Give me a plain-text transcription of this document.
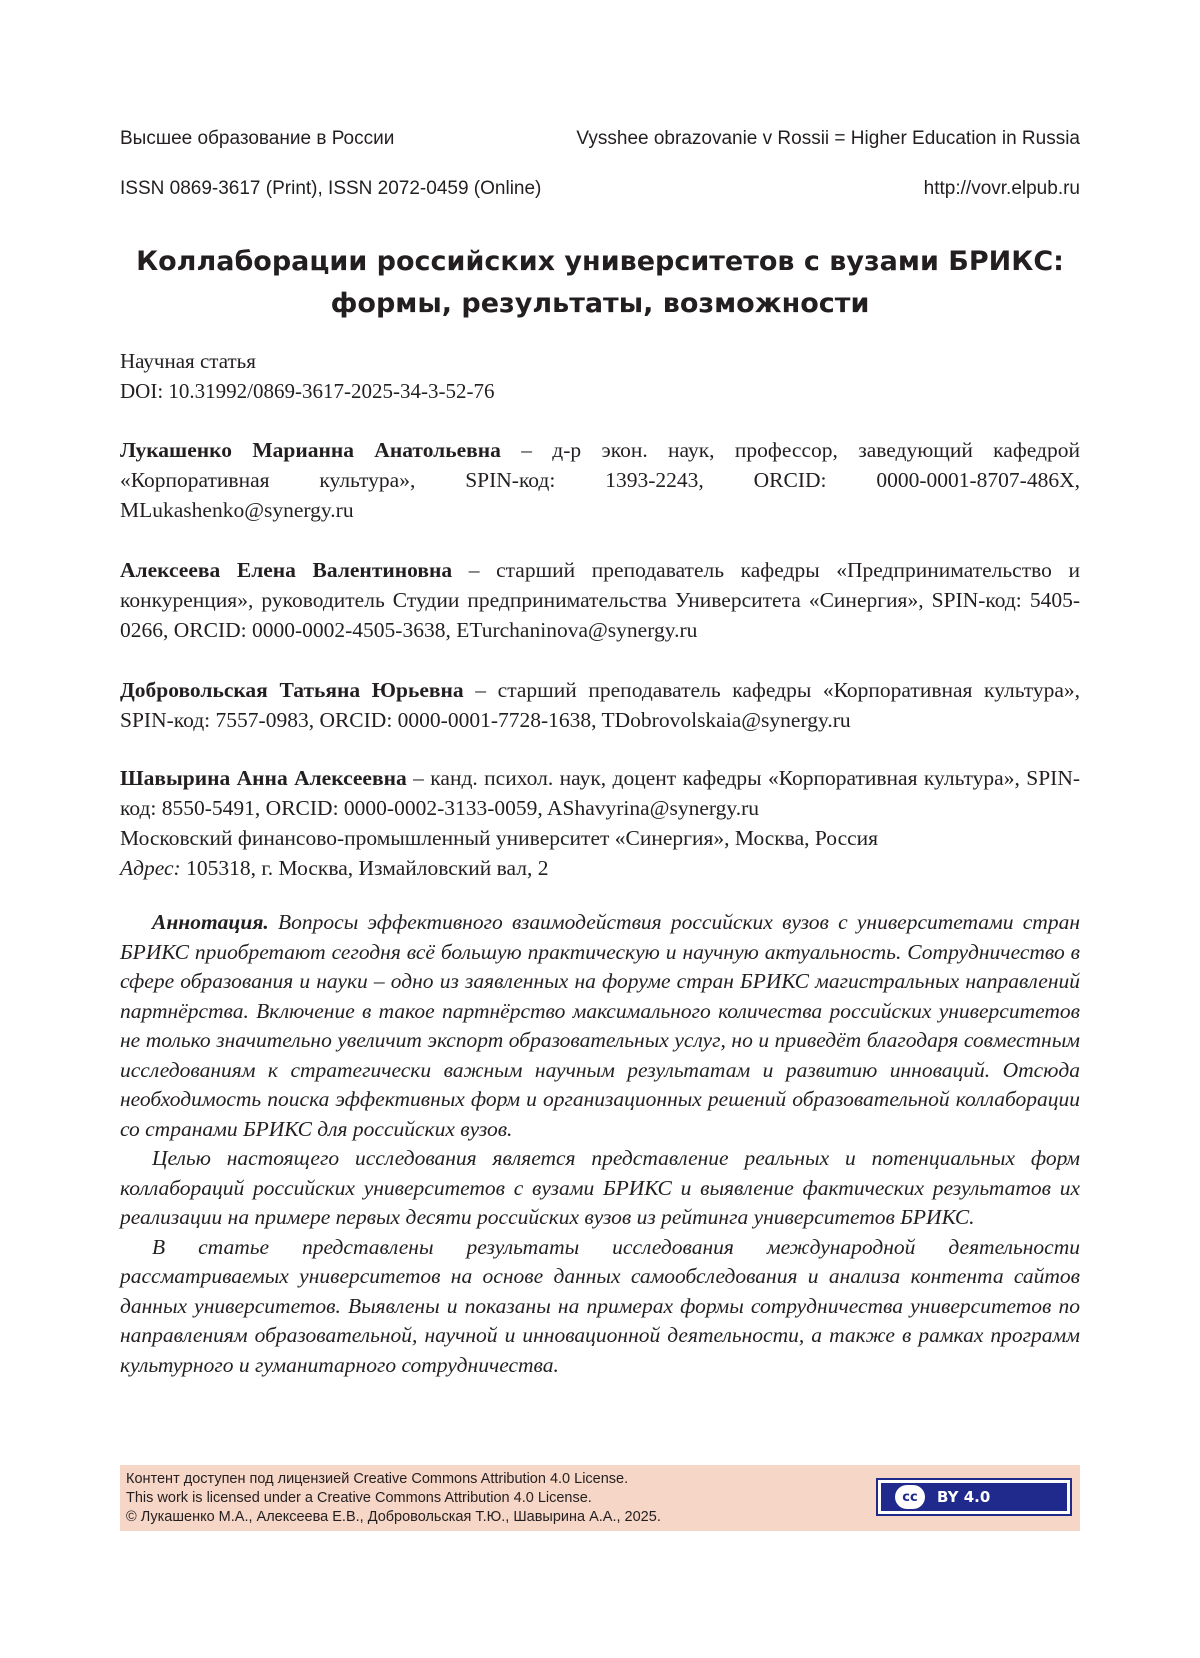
Высшее образование в России	Vysshee obrazovanie v Rossii = Higher Education in Russia
ISSN 0869-3617 (Print), ISSN 2072-0459 (Online)	http://vovr.elpub.ru
Коллаборации российских университетов с вузами БРИКС:
формы, результаты, возможности
Научная статья
DOI: 10.31992/0869-3617-2025-34-3-52-76
Лукашенко Марианна Анатольевна – д-р экон. наук, профессор, заведующий кафедрой «Корпоративная культура», SPIN-код: 1393-2243, ORCID: 0000-0001-8707-486X, MLukashenko@synergy.ru
Алексеева Елена Валентиновна – старший преподаватель кафедры «Предпринимательство и конкуренция», руководитель Студии предпринимательства Университета «Синергия», SPIN-код: 5405-0266, ORCID: 0000-0002-4505-3638, ETurchaninova@synergy.ru
Добровольская Татьяна Юрьевна – старший преподаватель кафедры «Корпоративная культура», SPIN-код: 7557-0983, ORCID: 0000-0001-7728-1638, TDobrovolskaia@synergy.ru
Шавырина Анна Алексеевна – канд. психол. наук, доцент кафедры «Корпоративная культура», SPIN-код: 8550-5491, ORCID: 0000-0002-3133-0059, AShavyrina@synergy.ru
Московский финансово-промышленный университет «Синергия», Москва, Россия
Адрес: 105318, г. Москва, Измайловский вал, 2

Аннотация. Вопросы эффективного взаимодействия российских вузов с университетами стран БРИКС приобретают сегодня всё большую практическую и научную актуальность. Сотрудничество в сфере образования и науки – одно из заявленных на форуме стран БРИКС магистральных направлений партнёрства. Включение в такое партнёрство максимального количества российских университетов не только значительно увеличит экспорт образовательных услуг, но и приведёт благодаря совместным исследованиям к стратегически важным научным результатам и развитию инноваций. Отсюда необходимость поиска эффективных форм и организационных решений образовательной коллаборации со странами БРИКС для российских вузов.

Целью настоящего исследования является представление реальных и потенциальных форм коллабораций российских университетов с вузами БРИКС и выявление фактических результатов их реализации на примере первых десяти российских вузов из рейтинга университетов БРИКС.

В статье представлены результаты исследования международной деятельности рассматриваемых университетов на основе данных самообследования и анализа контента сайтов данных университетов. Выявлены и показаны на примерах формы сотрудничества университетов по направлениям образовательной, научной и инновационной деятельности, а также в рамках программ культурного и гуманитарного сотрудничества.

Контент доступен под лицензией Creative Commons Attribution 4.0 License.
This work is licensed under a Creative Commons Attribution 4.0 License.
© Лукашенко М.А., Алексеева Е.В., Добровольская Т.Ю., Шавырина А.А., 2025.
cc BY 4.0
